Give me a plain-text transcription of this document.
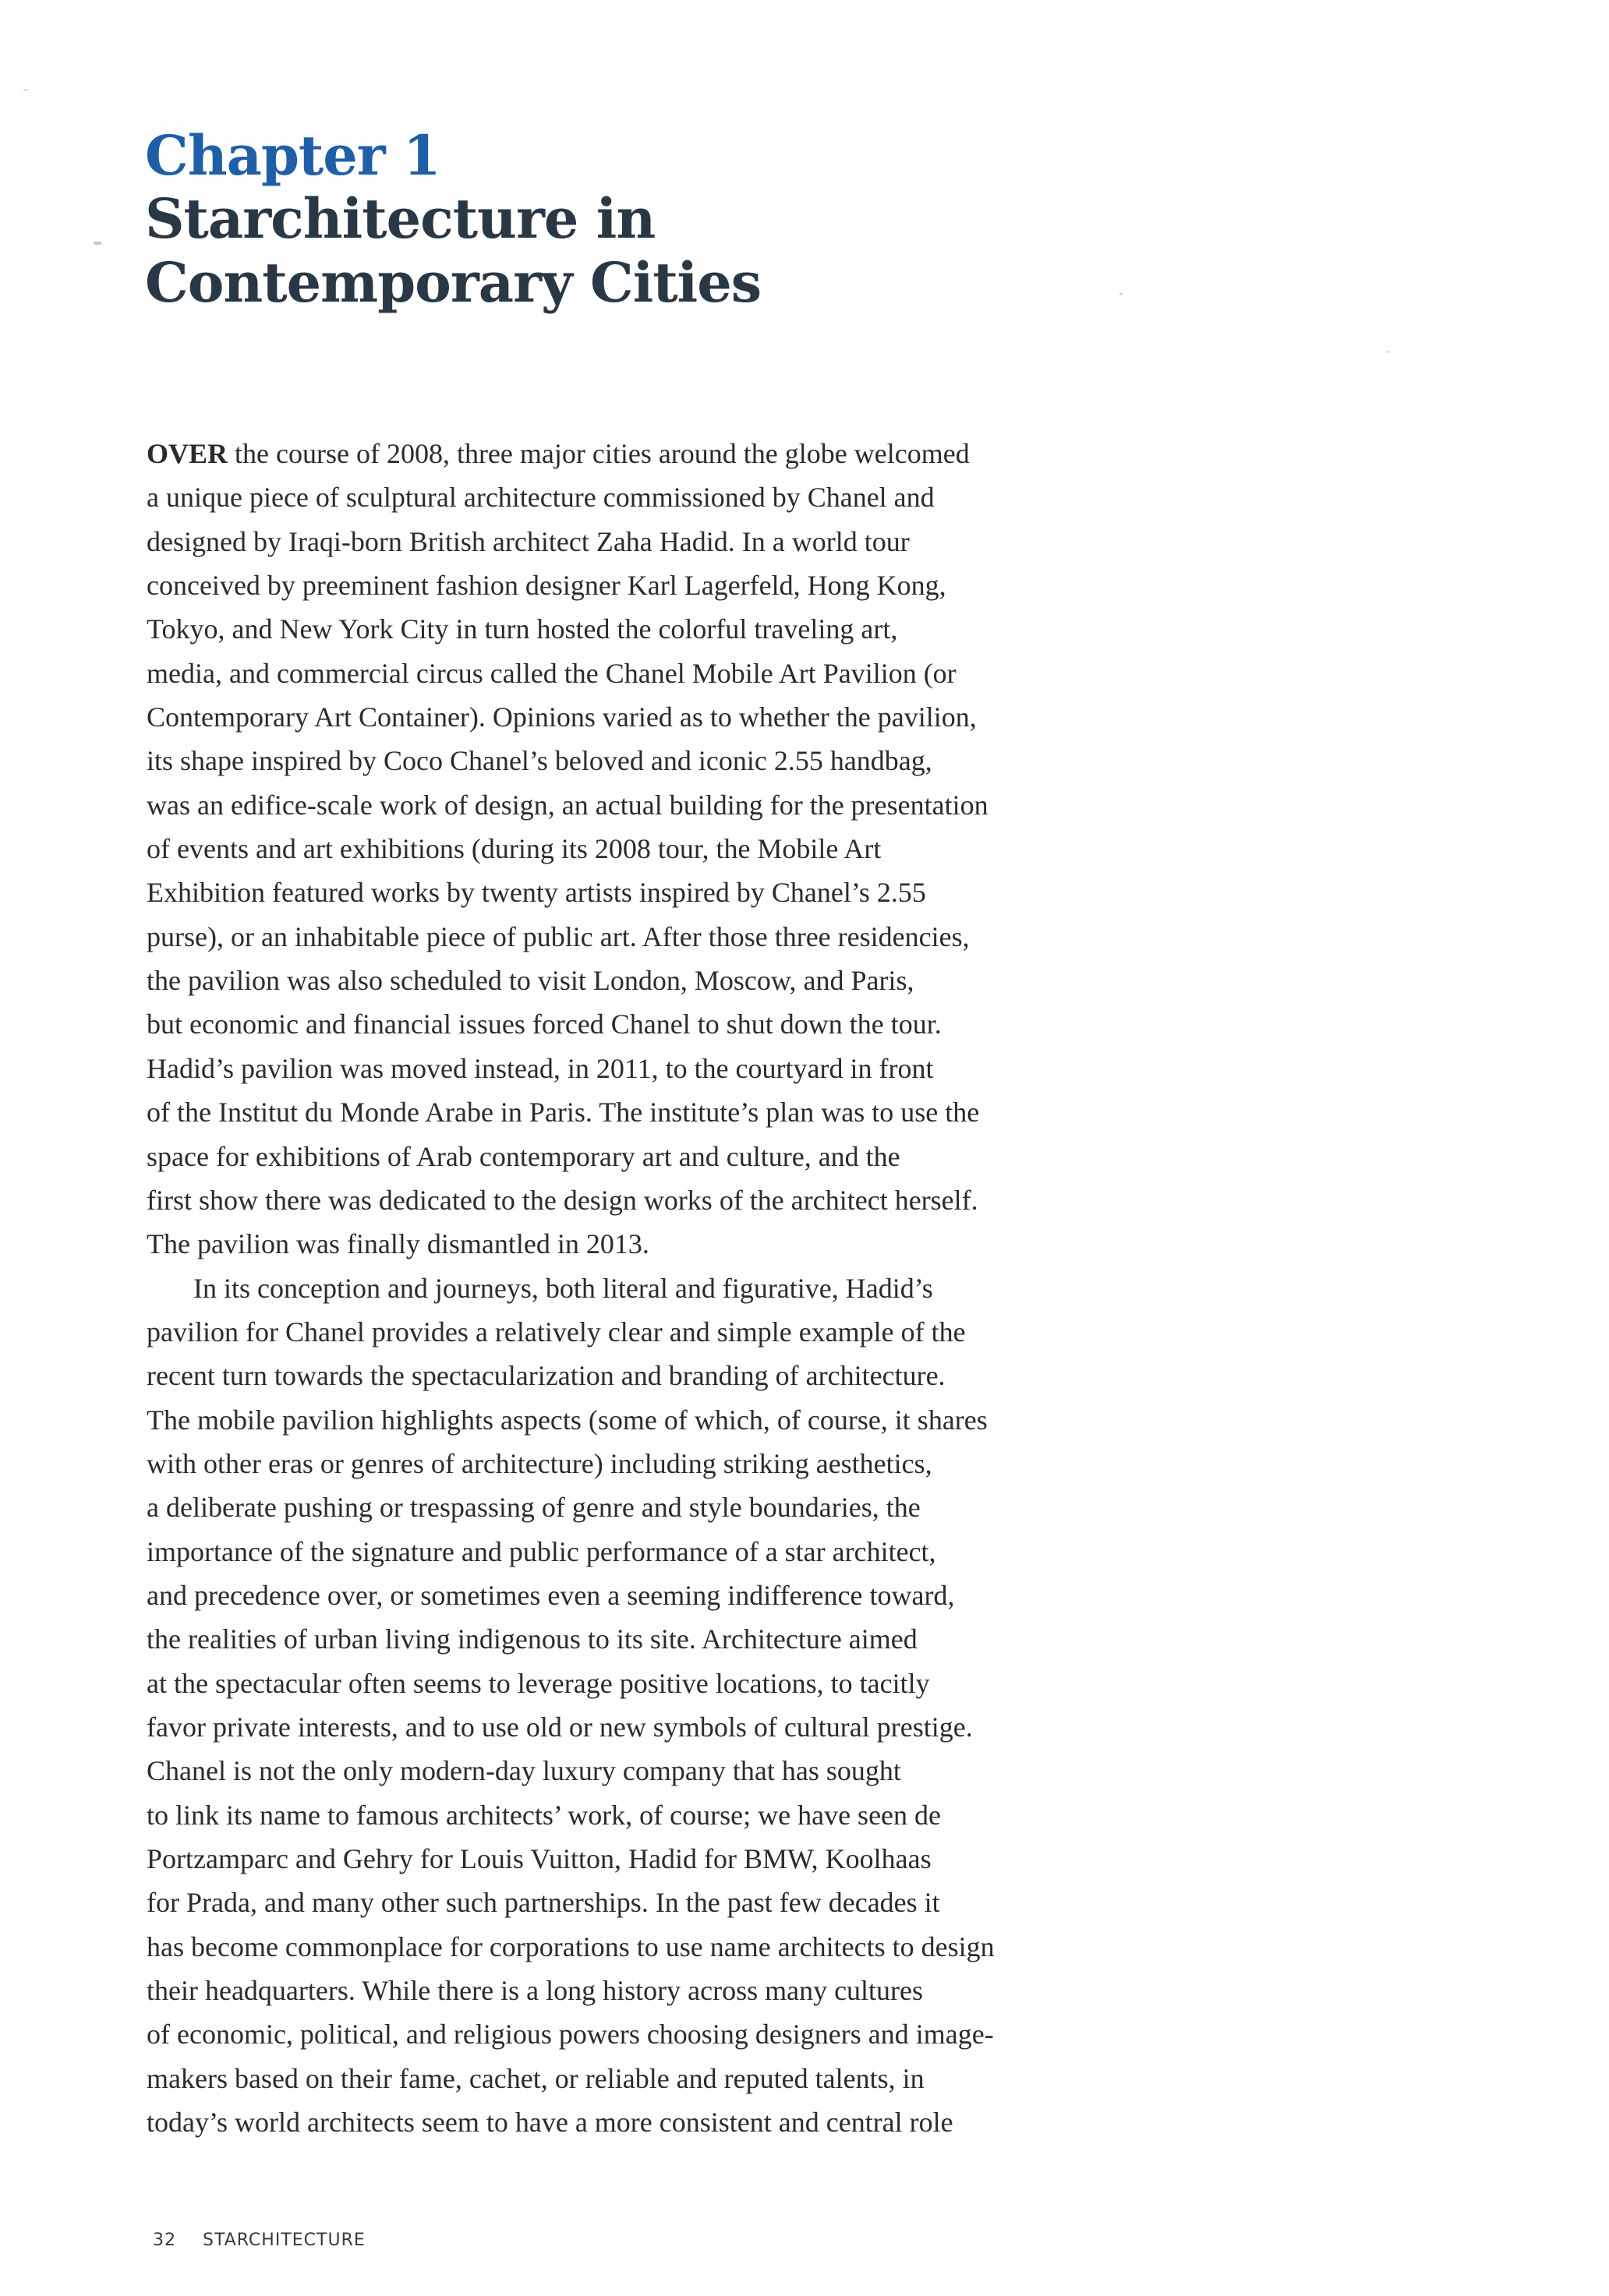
Chapter 1
Starchitecture in
Contemporary Cities
OVER the course of 2008, three major cities around the globe welcomed
a unique piece of sculptural architecture commissioned by Chanel and
designed by Iraqi-born British architect Zaha Hadid. In a world tour
conceived by preeminent fashion designer Karl Lagerfeld, Hong Kong,
Tokyo, and New York City in turn hosted the colorful traveling art,
media, and commercial circus called the Chanel Mobile Art Pavilion (or
Contemporary Art Container). Opinions varied as to whether the pavilion,
its shape inspired by Coco Chanel’s beloved and iconic 2.55 handbag,
was an edifice-scale work of design, an actual building for the presentation
of events and art exhibitions (during its 2008 tour, the Mobile Art
Exhibition featured works by twenty artists inspired by Chanel’s 2.55
purse), or an inhabitable piece of public art. After those three residencies,
the pavilion was also scheduled to visit London, Moscow, and Paris,
but economic and financial issues forced Chanel to shut down the tour.
Hadid’s pavilion was moved instead, in 2011, to the courtyard in front
of the Institut du Monde Arabe in Paris. The institute’s plan was to use the
space for exhibitions of Arab contemporary art and culture, and the
first show there was dedicated to the design works of the architect herself.
The pavilion was finally dismantled in 2013.
In its conception and journeys, both literal and figurative, Hadid’s
pavilion for Chanel provides a relatively clear and simple example of the
recent turn towards the spectacularization and branding of architecture.
The mobile pavilion highlights aspects (some of which, of course, it shares
with other eras or genres of architecture) including striking aesthetics,
a deliberate pushing or trespassing of genre and style boundaries, the
importance of the signature and public performance of a star architect,
and precedence over, or sometimes even a seeming indifference toward,
the realities of urban living indigenous to its site. Architecture aimed
at the spectacular often seems to leverage positive locations, to tacitly
favor private interests, and to use old or new symbols of cultural prestige.
Chanel is not the only modern-day luxury company that has sought
to link its name to famous architects’ work, of course; we have seen de
Portzamparc and Gehry for Louis Vuitton, Hadid for BMW, Koolhaas
for Prada, and many other such partnerships. In the past few decades it
has become commonplace for corporations to use name architects to design
their headquarters. While there is a long history across many cultures
of economic, political, and religious powers choosing designers and image-
makers based on their fame, cachet, or reliable and reputed talents, in
today’s world architects seem to have a more consistent and central role
32 STARCHITECTURE
